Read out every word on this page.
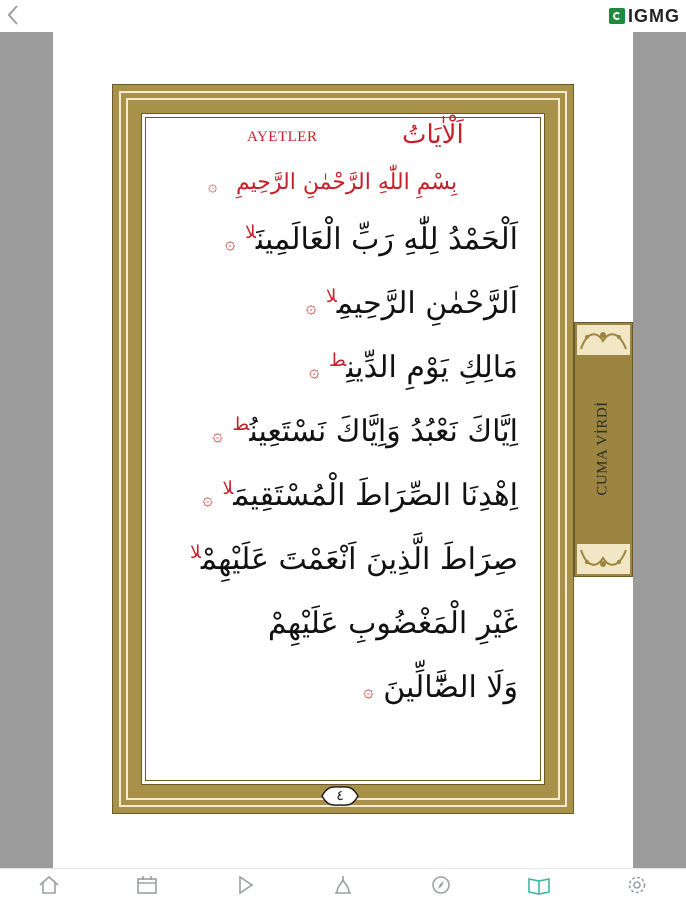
IGMG
AYETLER	اَلْاٰيَاتُ
۞ بِسْمِ اللّٰهِ الرَّحْمٰنِ الرَّحِيمِ
اَلْحَمْدُ لِلّٰهِ رَبِّ الْعَالَمِينَ$^{لا}$ ۞
اَلرَّحْمٰنِ الرَّحِيمِ$^{لا}$ ۞
مَالِكِ يَوْمِ الدِّينِ$^ط$ ۞
اِيَّاكَ نَعْبُدُ وَاِيَّاكَ نَسْتَعِينُ$^ط$ ۞
اِهْدِنَا الصِّرَاطَ الْمُسْتَقِيمَ$^{لا}$ ۞
صِرَاطَ الَّذِينَ اَنْعَمْتَ عَلَيْهِمْ$^{لا}$
غَيْرِ الْمَغْضُوبِ عَلَيْهِمْ
وَلَا الضَّٓالِّينَ ۞
٤
CUMA VİRDİ
